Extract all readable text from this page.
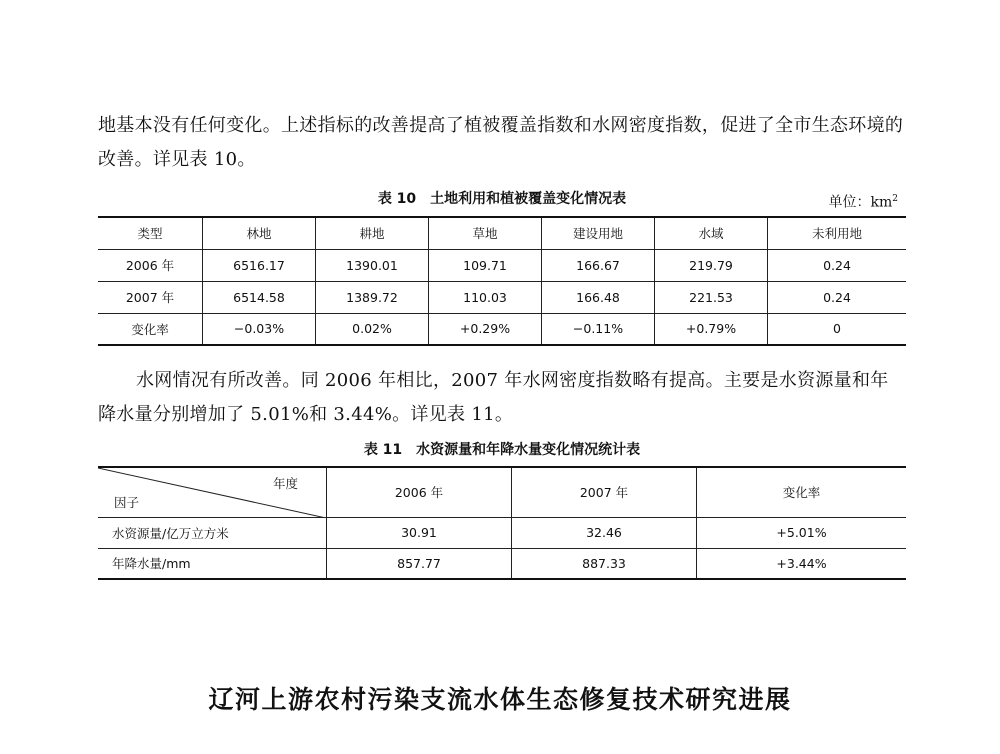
地基本没有任何变化。上述指标的改善提高了植被覆盖指数和水网密度指数，促进了全市生态环境的改善。详见表 10。

表 10　土地利用和植被覆盖变化情况表	单位：$km^2$
类型	林地	耕地	草地	建设用地	水域	未利用地
2006 年	6516.17	1390.01	109.71	166.67	219.79	0.24
2007 年	6514.58	1389.72	110.03	166.48	221.53	0.24
变化率	−0.03%	0.02%	+0.29%	−0.11%	+0.79%	0

水网情况有所改善。同 2006 年相比，2007 年水网密度指数略有提高。主要是水资源量和年降水量分别增加了 5.01%和 3.44%。详见表 11。

表 11　水资源量和年降水量变化情况统计表
年度
因子	2006 年	2007 年	变化率
水资源量/亿万立方米	30.91	32.46	+5.01%
年降水量/mm	857.77	887.33	+3.44%
辽河上游农村污染支流水体生态修复技术研究进展
